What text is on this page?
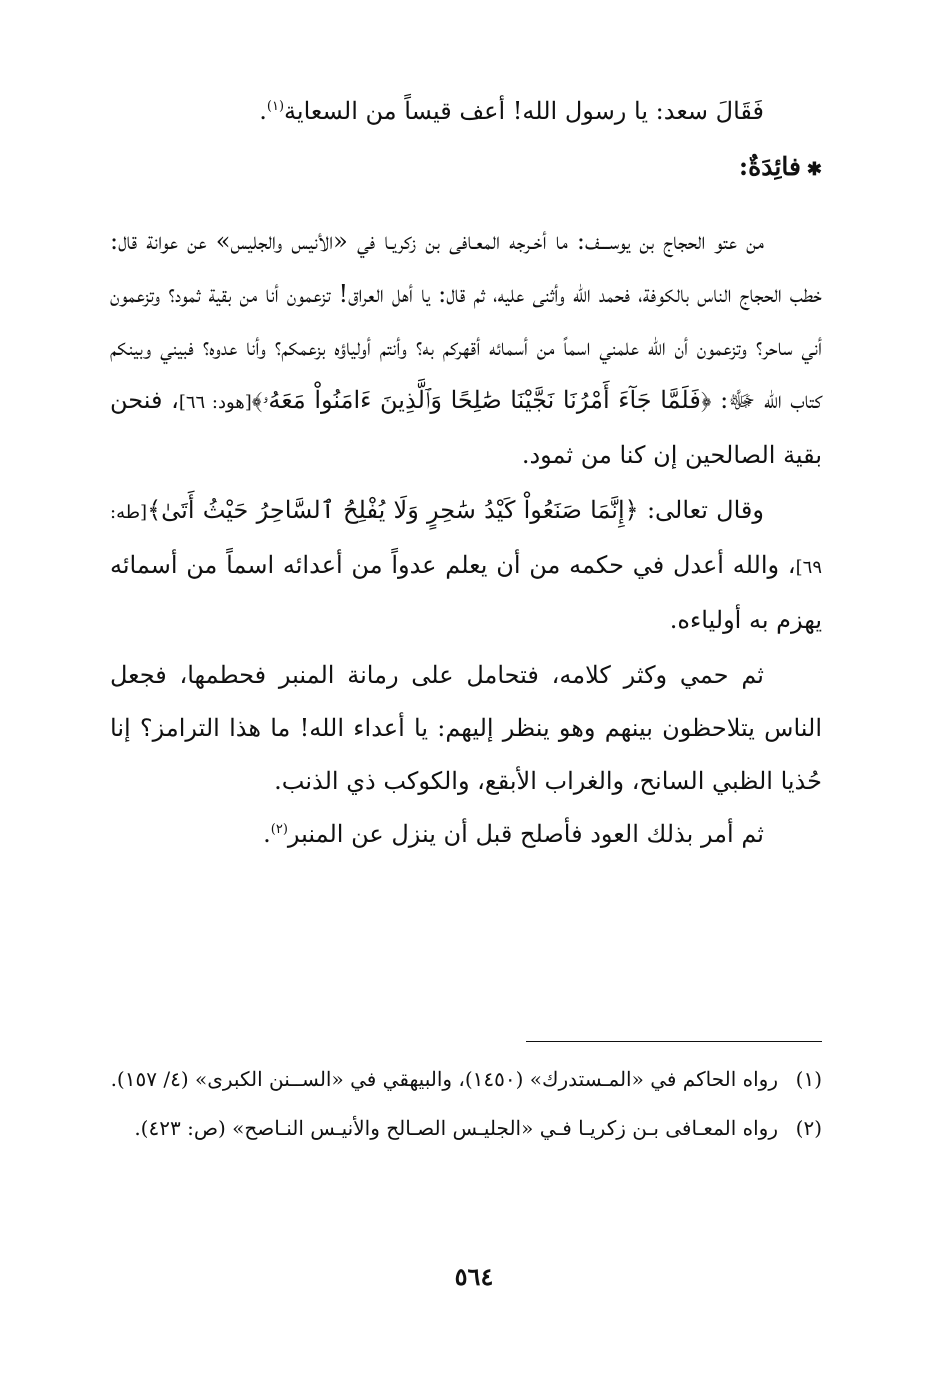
فَقَالَ سعد: يا رسول الله! أعف قيساً من السعاية$^{(١)}$.

✱فائِدَةٌ:

من عتو الحجاج بن يوســـف: ما أخـرجه المعـافى بن زكريـا في «الأنيس والجليس» عن عوانة قال: خطب الحجاج الناس بالكوفة، فحمد الله وأثنى عليه، ثم قال: يا أهل العراق! تزعمون أنا من بقية ثمود؟ وتزعمون أني ساحر؟ وتزعمون أن الله علمني اسماً من أسمائه أقهركم به؟ وأنتم أولياؤه بزعمكم؟ وأنا عدوه؟ فبيني وبينكم كتاب الله ﷻ: ﴿فَلَمَّا جَآءَ أَمْرُنَا نَجَّيْنَا صَٰلِحًا وَٱلَّذِينَ ءَامَنُواْ مَعَهُۥ﴾[هود: ٦٦]، فنحن بقية الصالحين إن كنا من ثمود.

وقال تعالى: ﴿إِنَّمَا صَنَعُواْ كَيْدُ سَٰحِرٍ وَلَا يُفْلِحُ ٱلسَّاحِرُ حَيْثُ أَتَىٰ﴾[طه: ٦٩]، والله أعدل في حكمه من أن يعلم عدواً من أعدائه اسماً من أسمائه يهزم به أولياءه.

ثم حمي وكثر كلامه، فتحامل على رمانة المنبر فحطمها، فجعل الناس يتلاحظون بينهم وهو ينظر إليهم: يا أعداء الله! ما هذا الترامز؟ إنا حُذيا الظبي السانح، والغراب الأبقع، والكوكب ذي الذنب.

ثم أمر بذلك العود فأصلح قبل أن ينزل عن المنبر$^{(٢)}$.

(١)
رواه الحاكم في «المـستدرك» (١٤٥٠)، والبيهقي في «الســنن الكبرى» (٤/ ١٥٧).

(٢)
رواه المعـافى بـن زكريـا فـي «الجليـس الصـالح والأنيـس النـاصح» (ص: ٤٢٣).

٥٦٤
